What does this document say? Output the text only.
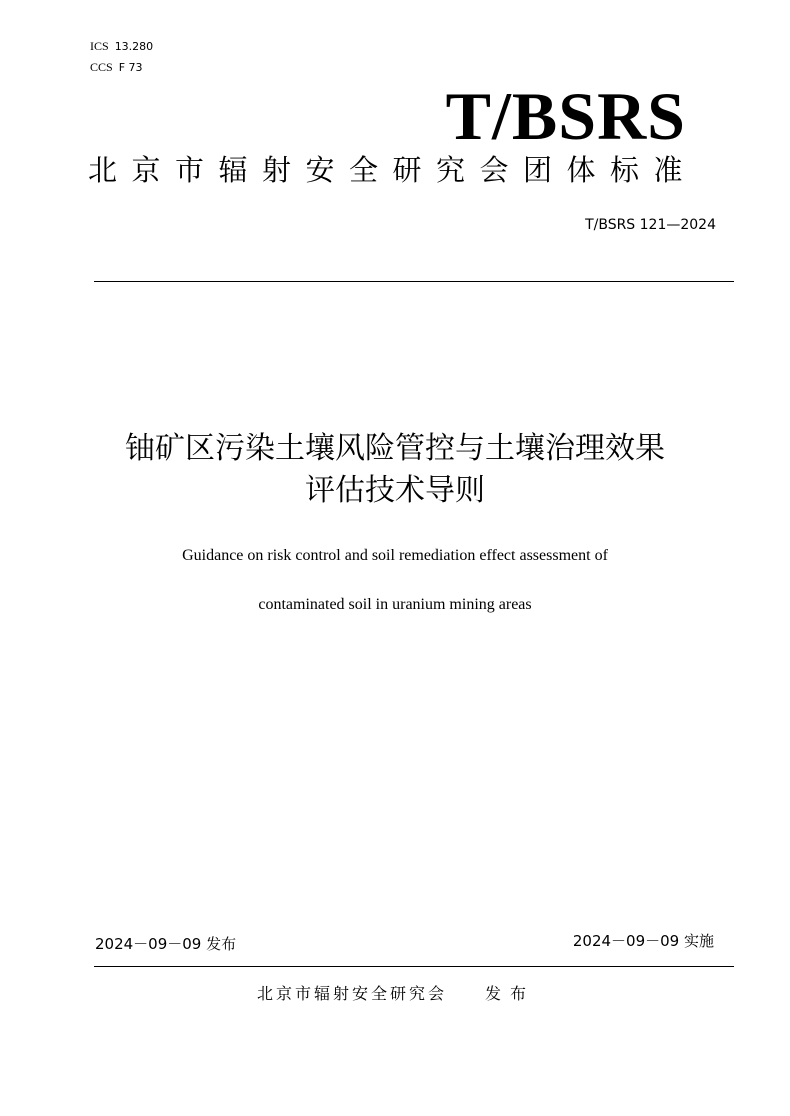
ICS 13.280
CCS F 73
T/BSRS
北京市辐射安全研究会团体标准
T/BSRS 121—2024
铀矿区污染土壤风险管控与土壤治理效果
评估技术导则
Guidance on risk control and soil remediation effect assessment of
contaminated soil in uranium mining areas
2024－09－09 发布	2024－09－09 实施
北京市辐射安全研究会 发布
